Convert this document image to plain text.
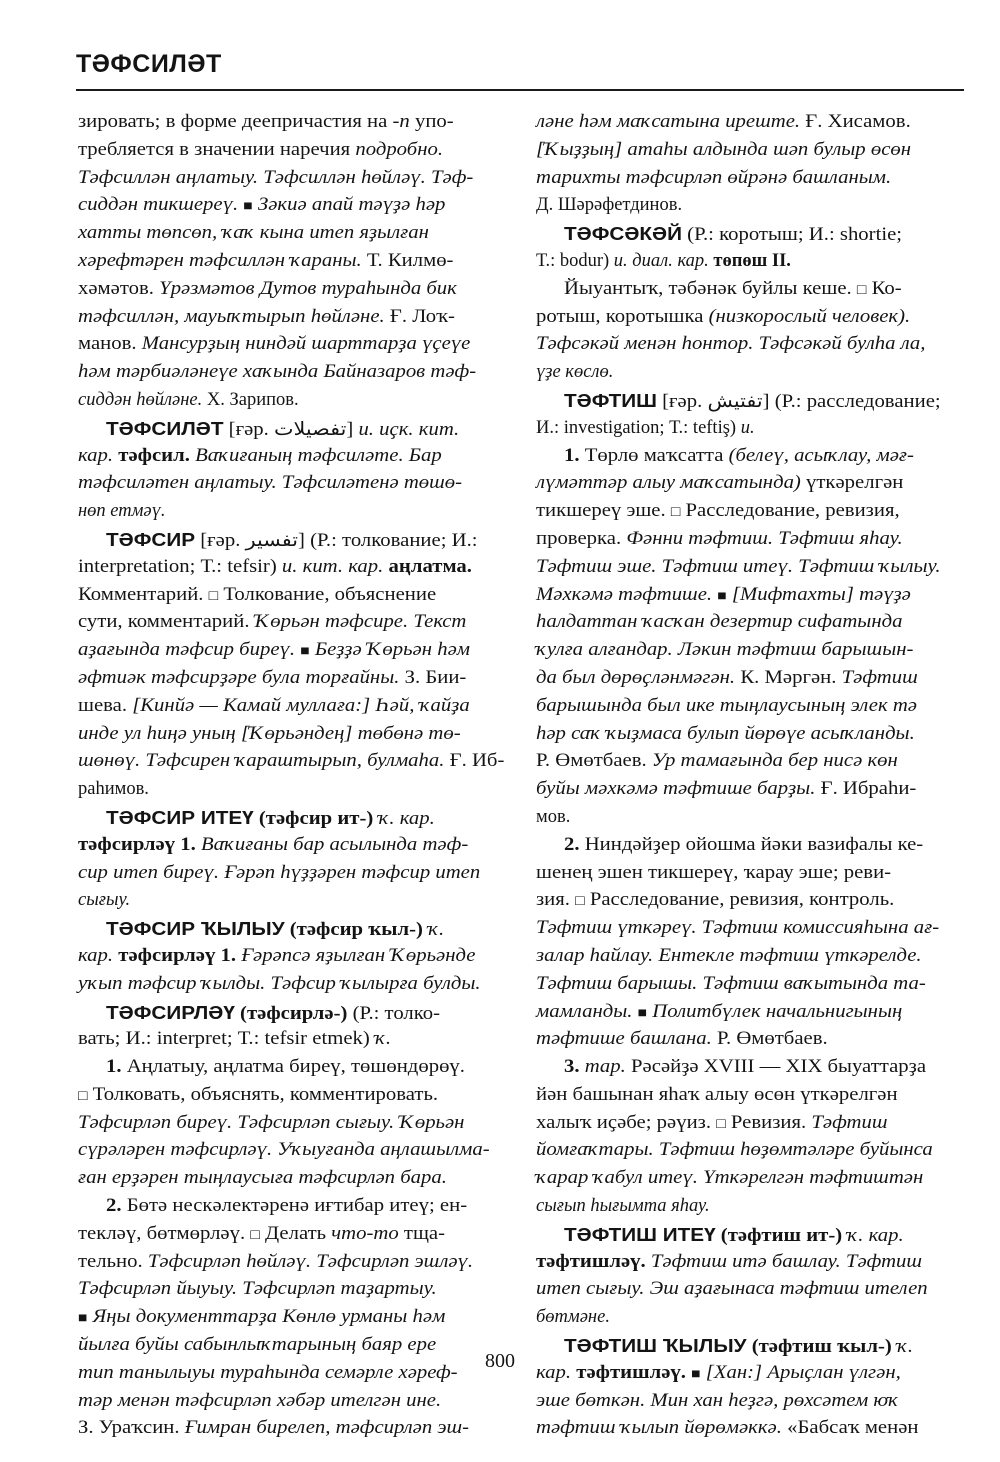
ТӘФСИЛӘТ
зировать; в форме деепричастия на -п упо-
требляется в значении наречия подробно.
Тәфсиллән аңлатыу. Тәфсиллән һөйләү. Тәф-
сиддән тикшереү. ■ Зәкиә апай тәүҙә һәр
хатты төпсөп, ҡаҡ кына итеп яҙылған
хәрефтәрен тәфсиллән ҡараны. Т. Килмө-
хәмәтов. Үрәзмәтов Дутов тураһында бик
тәфсиллән, мауыҡтырып һөйләне. Ғ. Лоҡ-
манов. Мансурҙың ниндәй шарттарҙа үҫеүе
һәм тәрбиәләнеүе хаҡында Байназаров тәф-
сиддән һөйләне. Х. Зарипов.
ТӘФСИЛӘТ [ғәр. تفصيلات] и. иҫк. кит.
кар. тәфсил. Ваҡиғаның тәфсиләте. Бар
тәфсиләтен аңлатыу. Тәфсиләтенә төшө-
нөп етмәү.
ТӘФСИР [ғәр. تفسير] (Р.: толкование; И.:
interpretation; Т.: tefsir) и. кит. кар. аңлатма.
Комментарий. □ Толкование, объяснение
сути, комментарий. Ҡөрьән тәфсире. Текст
аҙағында тәфсир биреү. ■ Беҙҙә Ҡөрьән һәм
әфтиәк тәфсирҙәре була торғайны. З. Бии-
шева. [Кинйә — Камай муллаға:] Һәй, ҡайҙа
инде ул һиңә уның [Ҡөрьәндең] төбөнә тө-
шөнөү. Тәфсирен ҡараштырып, булмаһа. Ғ. Иб-
раһимов.
ТӘФСИР ИТЕҮ (тәфсир ит-) ҡ. кар.
тәфсирләү 1. Ваҡиғаны бар асылында тәф-
сир итеп биреү. Ғәрәп һүҙҙәрен тәфсир итеп
сығыу.
ТӘФСИР ҠЫЛЫУ (тәфсир ҡыл-) ҡ.
кар. тәфсирләү 1. Ғәрәпсә яҙылған Ҡөрьәнде
уҡып тәфсир ҡылды. Тәфсир ҡылырға булды.
ТӘФСИРЛӘҮ (тәфсирлә-) (Р.: толко-
вать; И.: interpret; Т.: tefsir etmek) ҡ.
1. Аңлатыу, аңлатма биреү, төшөндөрөү.
□ Толковать, объяснять, комментировать.
Тәфсирләп биреү. Тәфсирләп сығыу. Ҡөрьән
сүрәләрен тәфсирләү. Уҡыуғанда аңлашылма-
ған ерҙәрен тыңлаусыға тәфсирләп бара.
2. Бөтә нескәлектәренә иғтибар итеү; ен-
текләү, бөтмөрләү. □ Делать что-то тща-
тельно. Тәфсирләп һөйләү. Тәфсирләп эшләү.
Тәфсирләп йыуыу. Тәфсирләп таҙартыу.
■ Яңы документтарҙа Көнлө урманы һәм
йылға буйы сабынлыҡтарының баяр ере
тип танылыуы тураһында семәрле хәреф-
тәр менән тәфсирләп хәбәр ителгән ине.
З. Ураҡсин. Ғимран бирелеп, тәфсирләп эш-
ләне һәм маҡсатына иреште. Ғ. Хисамов.
[Ҡыҙҙың] атаһы алдында шәп булыр өсөн
тарихты тәфсирләп өйрәнә башланым.
Д. Шәрәфетдинов.
ТӘФСӘКӘЙ (Р.: коротыш; И.: shortie;
Т.: bodur) и. диал. кар. төпөш II.
Йыуантыҡ, тәбәнәк буйлы кеше. □ Ко-
ротыш, коротышка (низкорослый человек).
Тәфсәкәй менән һонтор. Тәфсәкәй булһа ла,
үҙе көслө.
ТӘФТИШ [ғәр. تفتيش] (Р.: расследование;
И.: investigation; Т.: teftiş) и.
1. Төрлө маҡсатта (белеү, асыҡлау, мәғ-
лүмәттәр алыу маҡсатында) үткәрелгән
тикшереү эше. □ Расследование, ревизия,
проверка. Фәнни тәфтиш. Тәфтиш яһау.
Тәфтиш эше. Тәфтиш итеү. Тәфтиш ҡылыу.
Мәхкәмә тәфтише. ■ [Мифтахты] тәүҙә
һалдаттан ҡасҡан дезертир сифатында
ҡулға алғандар. Ләкин тәфтиш барышын-
да был дөрөҫләнмәгән. К. Мәргән. Тәфтиш
барышында был ике тыңлаусының элек тә
һәр саҡ ҡыҙмаса булып йөрөүе асыҡланды.
Р. Өмөтбаев. Ур тамағында бер нисә көн
буйы мәхкәмә тәфтише барҙы. Ғ. Ибраһи-
мов.
2. Ниндәйҙер ойошма йәки вазифалы ке-
шенең эшен тикшереү, ҡарау эше; реви-
зия. □ Расследование, ревизия, контроль.
Тәфтиш үткәреү. Тәфтиш комиссияһына ағ-
залар һайлау. Ентекле тәфтиш үткәрелде.
Тәфтиш барышы. Тәфтиш ваҡытында та-
мамланды. ■ Политбүлек начальнигының
тәфтише башлана. Р. Өмөтбаев.
3. тар. Рәсәйҙә XVIII — XIX быуаттарҙа
йән башынан яһаҡ алыу өсөн үткәрелгән
халыҡ иҫәбе; рәүиз. □ Ревизия. Тәфтиш
йомғаҡтары. Тәфтиш һөҙөмтәләре буйынса
ҡарар ҡабул итеү. Үткәрелгән тәфтиштән
сығып һығымта яһау.
ТӘФТИШ ИТЕҮ (тәфтиш ит-) ҡ. кар.
тәфтишләү. Тәфтиш итә башлау. Тәфтиш
итеп сығыу. Эш аҙағынаса тәфтиш ителеп
бөтмәне.
ТӘФТИШ ҠЫЛЫУ (тәфтиш ҡыл-) ҡ.
кар. тәфтишләү. ■ [Хан:] Арыҫлан үлгән,
эше бөткән. Мин хан һеҙгә, рөхсәтем юҡ
тәфтиш ҡылып йөрөмәккә. «Бабсаҡ менән
800
